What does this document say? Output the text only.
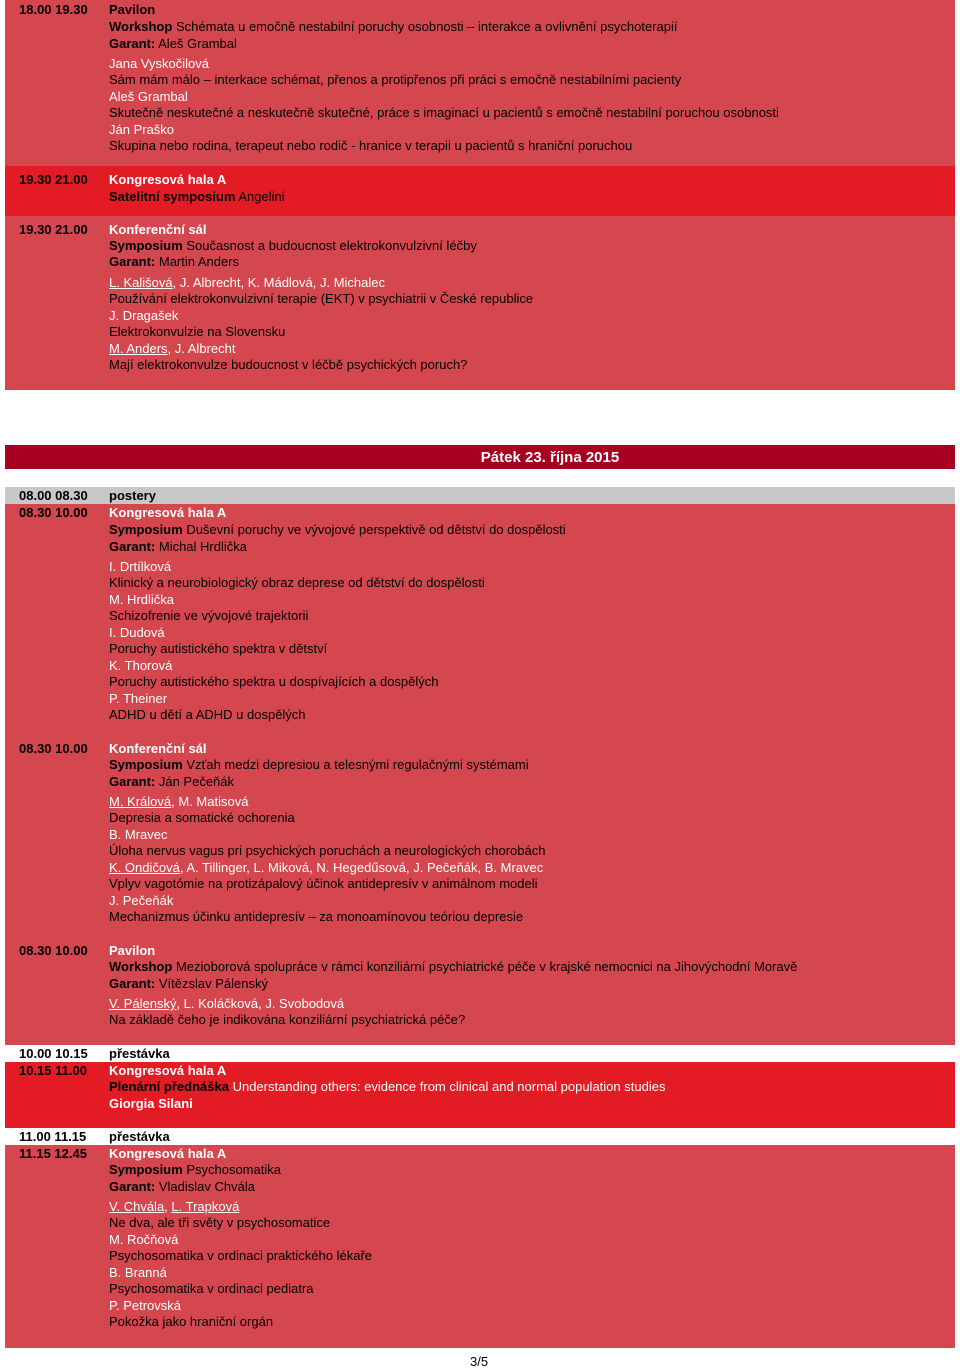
18.00 19.30	Pavilon
Workshop Schémata u emočně nestabilní poruchy osobnosti – interakce a ovlivnění psychoterapií
Garant: Aleš Grambal
Jana Vyskočilová
Sám mám málo – interkace schémat, přenos a protipřenos při práci s emočně nestabilními pacienty
Aleš Grambal
Skutečně neskutečné a neskutečně skutečné, práce s imaginací u pacientů s emočně nestabilní poruchou osobnosti
Ján Praško
Skupina nebo rodina, terapeut nebo rodič - hranice v terapii u pacientů s hraniční poruchou
19.30 21.00	Kongresová hala A
Satelitní symposium Angelini
19.30 21.00	Konferenční sál
Symposium Současnost a budoucnost elektrokonvulzivní léčby
Garant: Martin Anders
L. Kališová, J. Albrecht, K. Mádlová, J. Michalec
Používání elektrokonvulzivní terapie (EKT) v psychiatrii v České republice
J. Dragašek
Elektrokonvulzie na Slovensku
M. Anders, J. Albrecht
Mají elektrokonvulze budoucnost v léčbě psychických poruch?
Pátek 23. října 2015
08.00 08.30	postery
08.30 10.00	Kongresová hala A
Symposium Duševní poruchy ve vývojové perspektivě od dětství do dospělosti
Garant: Michal Hrdlička
I. Drtílková
Klinický a neurobiologický obraz deprese od dětství do dospělosti
M. Hrdlička
Schizofrenie ve vývojové trajektorii
I. Dudová
Poruchy autistického spektra v dětství
K. Thorová
Poruchy autistického spektra u dospívajících a dospělých
P. Theiner
ADHD u dětí a ADHD u dospělých
08.30 10.00	Konferenční sál
Symposium Vzťah medzi depresiou a telesnými regulačnými systémami
Garant: Ján Pečeňák
M. Králová, M. Matisová
Depresia a somatické ochorenia
B. Mravec
Úloha nervus vagus pri psychických poruchách a neurologických chorobách
K. Ondičová, A. Tillinger, L. Miková, N. Hegedűsová, J. Pečeňák, B. Mravec
Vplyv vagotómie na protizápalový účinok antidepresív v animálnom modeli
J. Pečeňák
Mechanizmus účinku antidepresív – za monoamínovou teóriou depresie
08.30 10.00	Pavilon
Workshop Mezioborová spolupráce v rámci konziliární psychiatrické péče v krajské nemocnici na Jihovýchodní Moravě
Garant: Vítězslav Pálenský
V. Pálenský, L. Koláčková, J. Svobodová
Na základě čeho je indikována konziliární psychiatrická péče?
10.00 10.15	přestávka
10.15 11.00	Kongresová hala A
Plenární přednáška Understanding others: evidence from clinical and normal population studies
Giorgia Silani
11.00 11.15	přestávka
11.15 12.45	Kongresová hala A
Symposium Psychosomatika
Garant: Vladislav Chvála
V. Chvála, L. Trapková
Ne dva, ale tři světy v psychosomatice
M. Ročňová
Psychosomatika v ordinaci praktického lékaře
B. Branná
Psychosomatika v ordinaci pediatra
P. Petrovská
Pokožka jako hraniční orgán
3/5
